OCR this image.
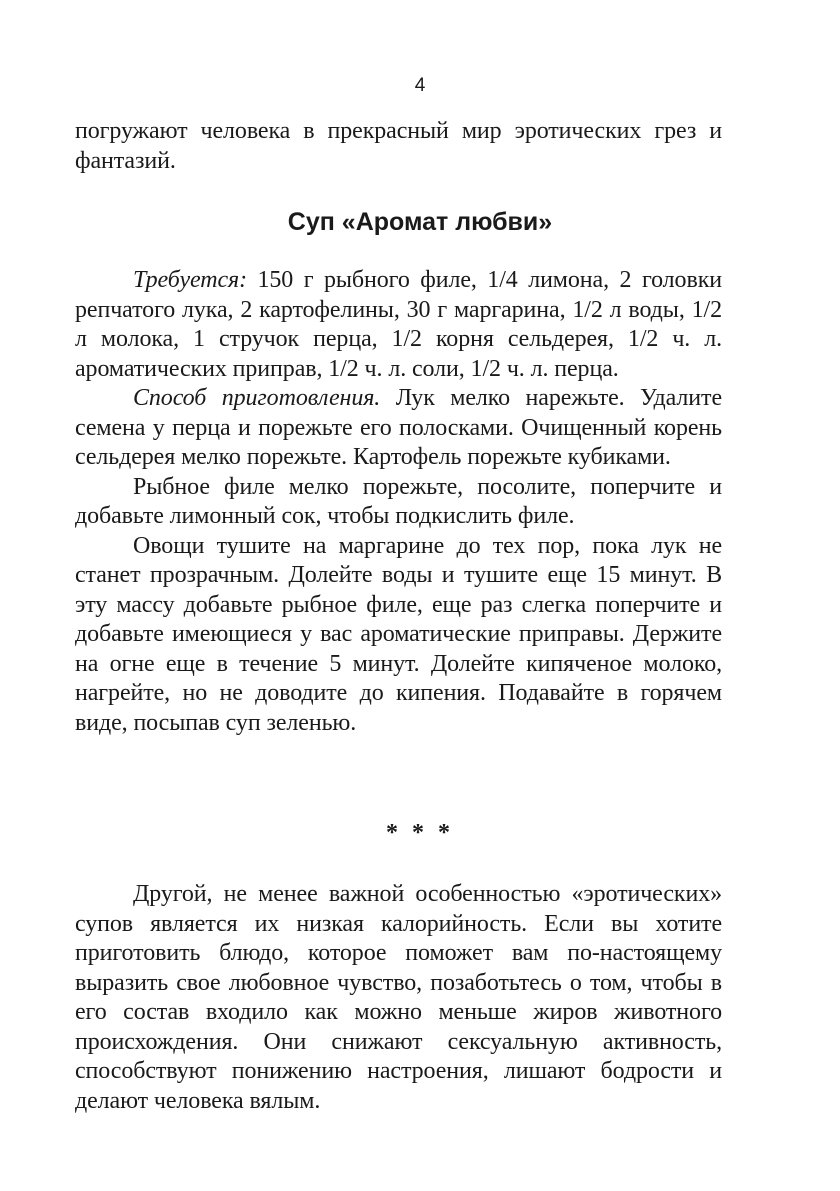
4

погружают человека в прекрасный мир эротических грез и фантазий.

Суп «Аромат любви»

Требуется: 150 г рыбного филе, 1/4 лимона, 2 головки репчатого лука, 2 картофелины, 30 г маргарина, 1/2 л воды, 1/2 л молока, 1 стручок перца, 1/2 корня сельдерея, 1/2 ч. л. ароматических приправ, 1/2 ч. л. соли, 1/2 ч. л. перца.

Способ приготовления. Лук мелко нарежьте. Удалите семена у перца и порежьте его полосками. Очищенный корень сельдерея мелко порежьте. Картофель порежьте кубиками.

Рыбное филе мелко порежьте, посолите, поперчите и добавьте лимонный сок, чтобы подкислить филе.

Овощи тушите на маргарине до тех пор, пока лук не станет прозрачным. Долейте воды и тушите еще 15 минут. В эту массу добавьте рыбное филе, еще раз слегка поперчите и добавьте имеющиеся у вас ароматические приправы. Держите на огне еще в течение 5 минут. Долейте кипяченое молоко, нагрейте, но не доводите до кипения. Подавайте в горячем виде, посыпав суп зеленью.

* * *

Другой, не менее важной особенностью «эротических» супов является их низкая калорийность. Если вы хотите приготовить блюдо, которое поможет вам по-настоящему выразить свое любовное чувство, позаботьтесь о том, чтобы в его состав входило как можно меньше жиров животного происхождения. Они снижают сексуальную активность, способствуют понижению настроения, лишают бодрости и делают человека вялым.
